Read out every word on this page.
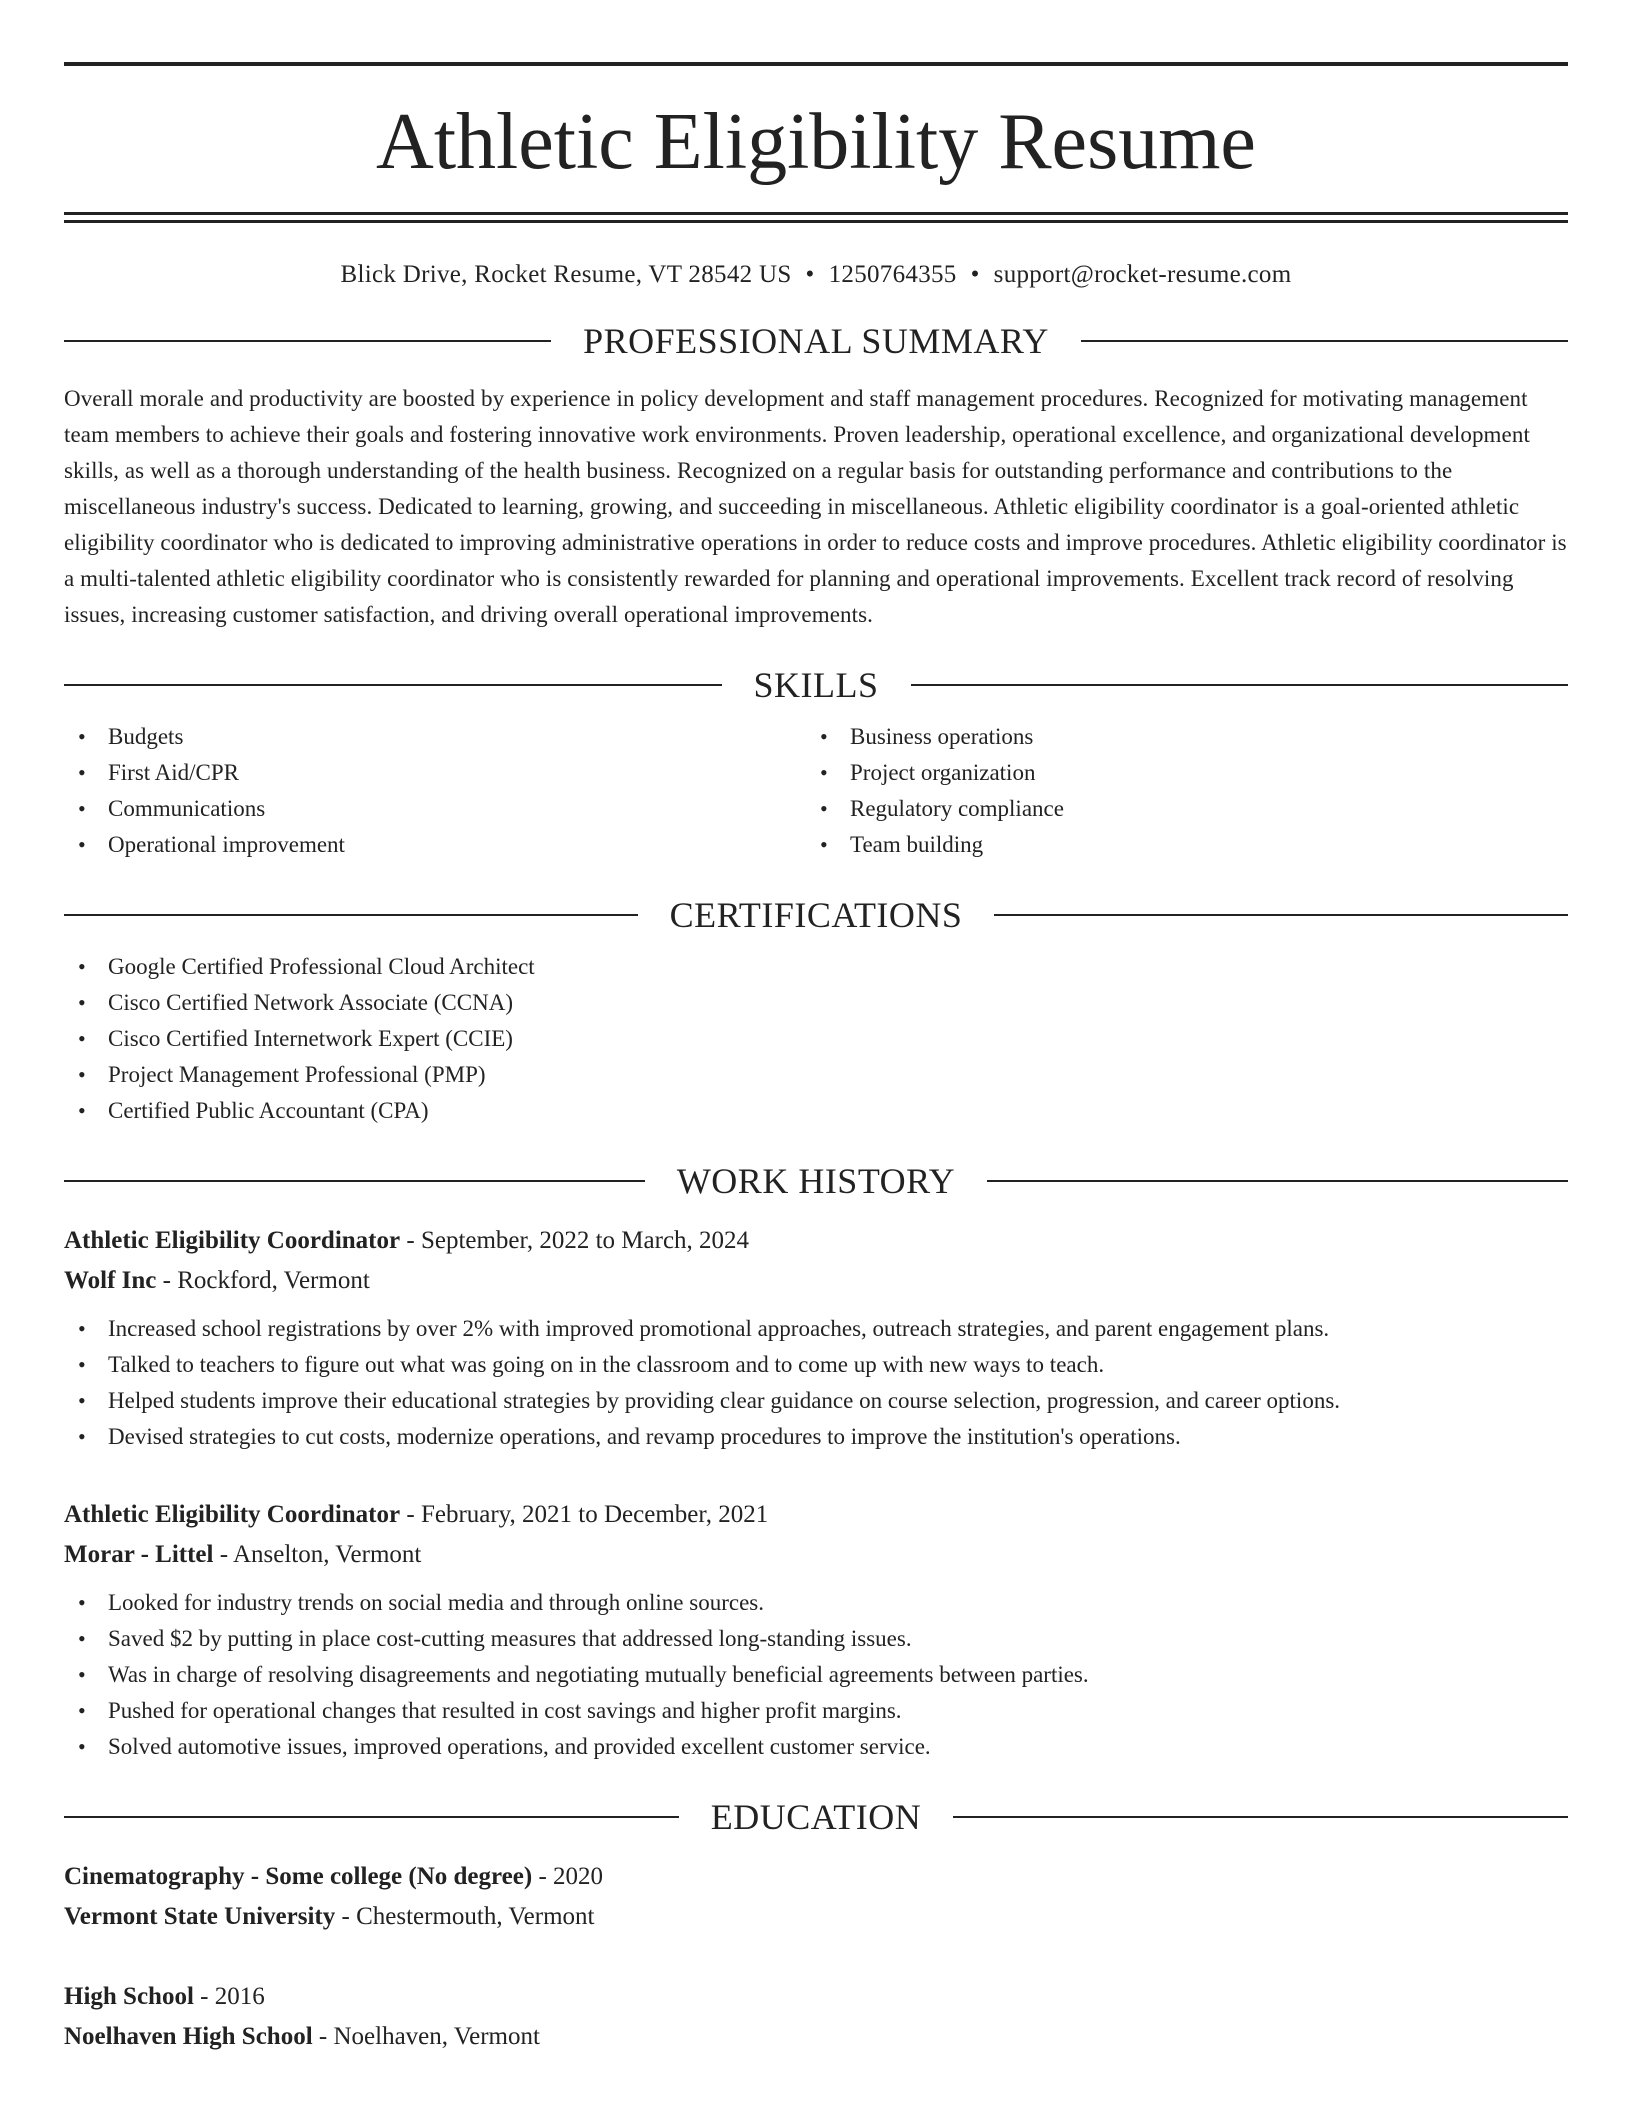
Athletic Eligibility Resume
Blick Drive, Rocket Resume, VT 28542 US • 1250764355 • support@rocket-resume.com
PROFESSIONAL SUMMARY
Overall morale and productivity are boosted by experience in policy development and staff management procedures. Recognized for motivating management team members to achieve their goals and fostering innovative work environments. Proven leadership, operational excellence, and organizational development skills, as well as a thorough understanding of the health business. Recognized on a regular basis for outstanding performance and contributions to the miscellaneous industry's success. Dedicated to learning, growing, and succeeding in miscellaneous. Athletic eligibility coordinator is a goal-oriented athletic eligibility coordinator who is dedicated to improving administrative operations in order to reduce costs and improve procedures. Athletic eligibility coordinator is a multi-talented athletic eligibility coordinator who is consistently rewarded for planning and operational improvements. Excellent track record of resolving issues, increasing customer satisfaction, and driving overall operational improvements.
SKILLS
• Budgets
• First Aid/CPR
• Communications
• Operational improvement
• Business operations
• Project organization
• Regulatory compliance
• Team building
CERTIFICATIONS
• Google Certified Professional Cloud Architect
• Cisco Certified Network Associate (CCNA)
• Cisco Certified Internetwork Expert (CCIE)
• Project Management Professional (PMP)
• Certified Public Accountant (CPA)
WORK HISTORY
Athletic Eligibility Coordinator - September, 2022 to March, 2024
Wolf Inc - Rockford, Vermont
• Increased school registrations by over 2% with improved promotional approaches, outreach strategies, and parent engagement plans.
• Talked to teachers to figure out what was going on in the classroom and to come up with new ways to teach.
• Helped students improve their educational strategies by providing clear guidance on course selection, progression, and career options.
• Devised strategies to cut costs, modernize operations, and revamp procedures to improve the institution's operations.
Athletic Eligibility Coordinator - February, 2021 to December, 2021
Morar - Littel - Anselton, Vermont
• Looked for industry trends on social media and through online sources.
• Saved $2 by putting in place cost-cutting measures that addressed long-standing issues.
• Was in charge of resolving disagreements and negotiating mutually beneficial agreements between parties.
• Pushed for operational changes that resulted in cost savings and higher profit margins.
• Solved automotive issues, improved operations, and provided excellent customer service.
EDUCATION
Cinematography - Some college (No degree) - 2020
Vermont State University - Chestermouth, Vermont
High School - 2016
Noelhaven High School - Noelhaven, Vermont
